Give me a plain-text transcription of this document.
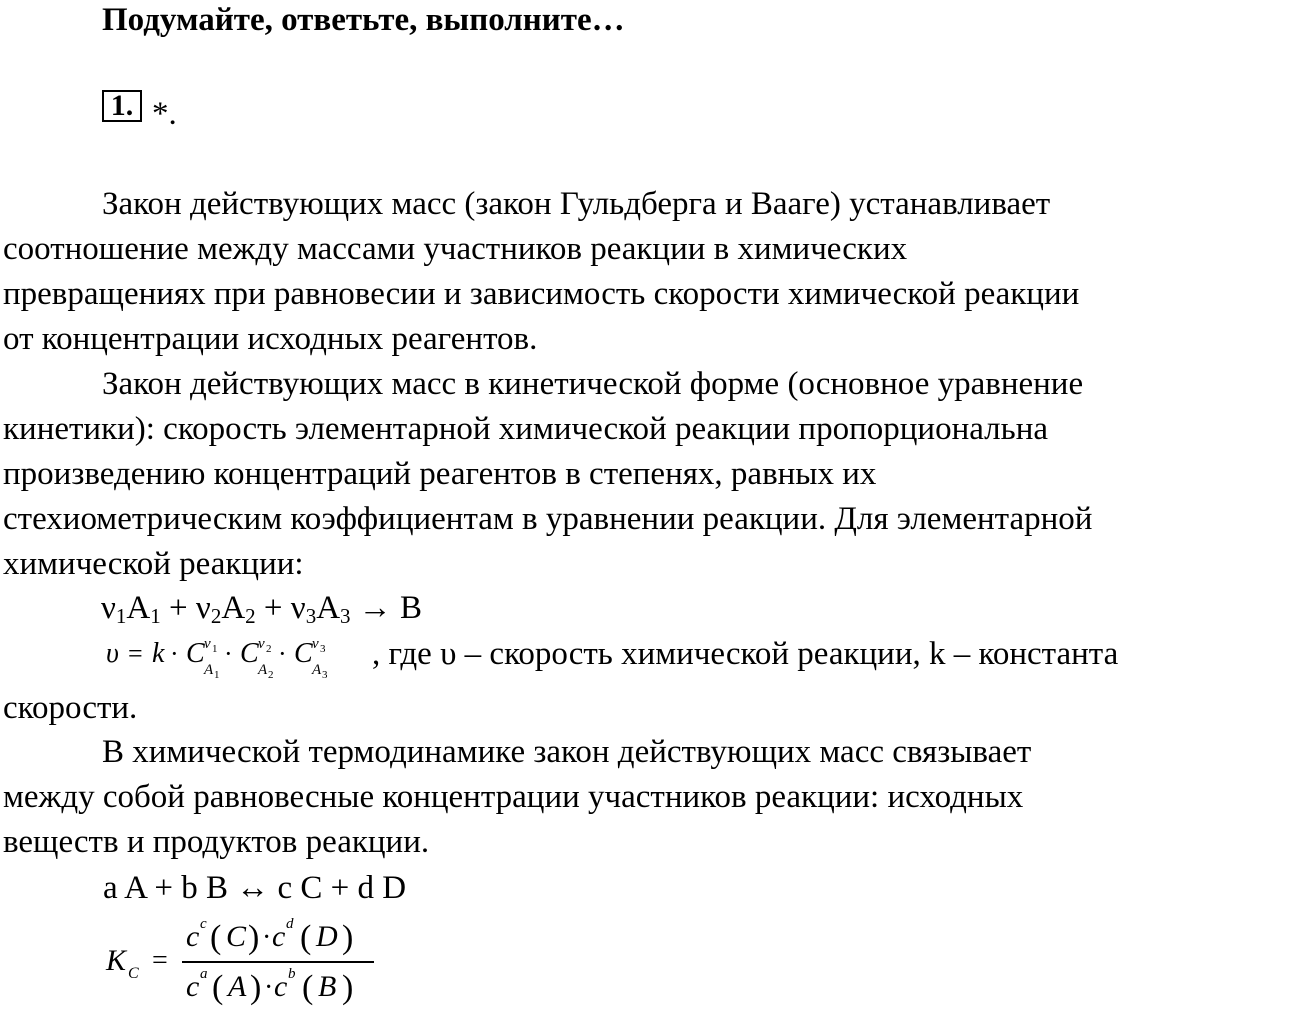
Подумайте, ответьте, выполните…
1. *.
Закон действующих масс (закон Гульдберга и Вааге) устанавливает
соотношение между массами участников реакции в химических
превращениях при равновесии и зависимость скорости химической реакции
от концентрации исходных реагентов.
Закон действующих масс в кинетической форме (основное уравнение
кинетики): скорость элементарной химической реакции пропорциональна
произведению концентраций реагентов в степенях, равных их
стехиометрическим коэффициентам в уравнении реакции. Для элементарной
химической реакции:
$\nu_1A_1 + \nu_2A_2 + \nu_3A_3 \to B$
υ = k · C ν 1
A 1
· C ν 2
A 2
· C ν 3
A 3
, где υ – скорость химической реакции, k – константа
скорости.
В химической термодинамике закон действующих масс связывает
между собой равновесные концентрации участников реакции: исходных
веществ и продуктов реакции.
a A + b B ↔ c C + d D
K C =
c c ( C ) · c d ( D )
c a ( A ) · c b ( B )
